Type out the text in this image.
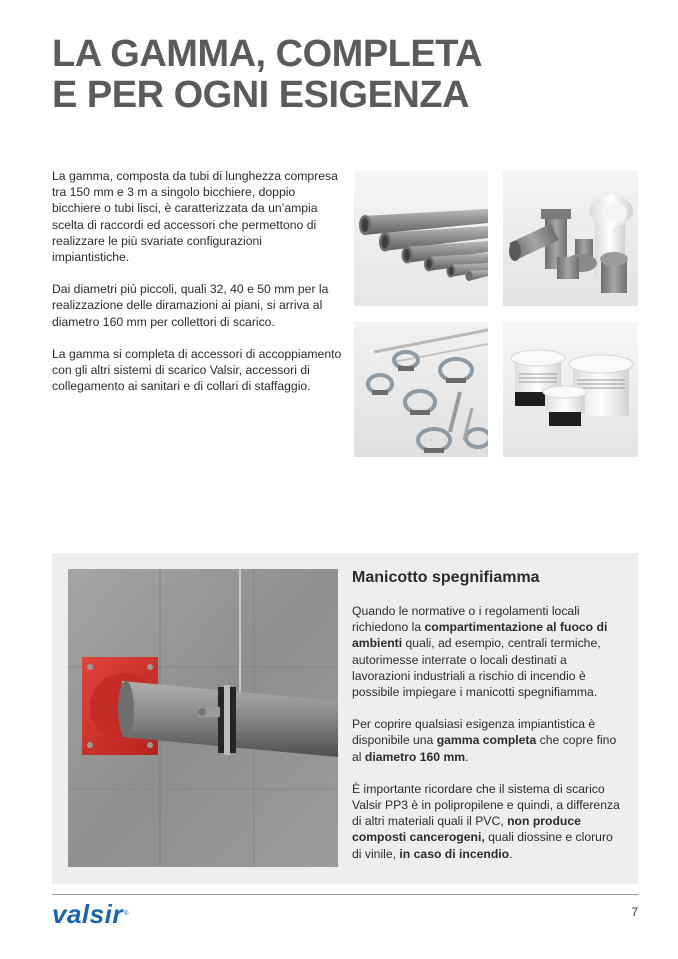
LA GAMMA, COMPLETA
E PER OGNI ESIGENZA

La gamma, composta da tubi di lunghezza compresa tra 150 mm e 3 m a singolo bicchiere, doppio bicchiere o tubi lisci, è caratterizzata da un’ampia scelta di raccordi ed accessori che permettono di realizzare le più svariate configurazioni impiantistiche.

Dai diametri più piccoli, quali 32, 40 e 50 mm per la realizzazione delle diramazioni ai piani, si arriva al diametro 160 mm per collettori di scarico.

La gamma si completa di accessori di accoppiamento con gli altri sistemi di scarico Valsir, accessori di collegamento ai sanitari e di collari di staffaggio.

Manicotto spegnifiamma

Quando le normative o i regolamenti locali richiedono la compartimentazione al fuoco di ambienti quali, ad esempio, centrali termiche, autorimesse interrate o locali destinati a lavorazioni industriali a rischio di incendio è possibile impiegare i manicotti spegnifiamma.

Per coprire qualsiasi esigenza impiantistica è disponibile una gamma completa che copre fino al diametro 160 mm.

È importante ricordare che il sistema di scarico Valsir PP3 è in polipropilene e quindi, a differenza di altri materiali quali il PVC, non produce composti cancerogeni, quali diossine e cloruro di vinile, in caso di incendio.

valsir®	7
